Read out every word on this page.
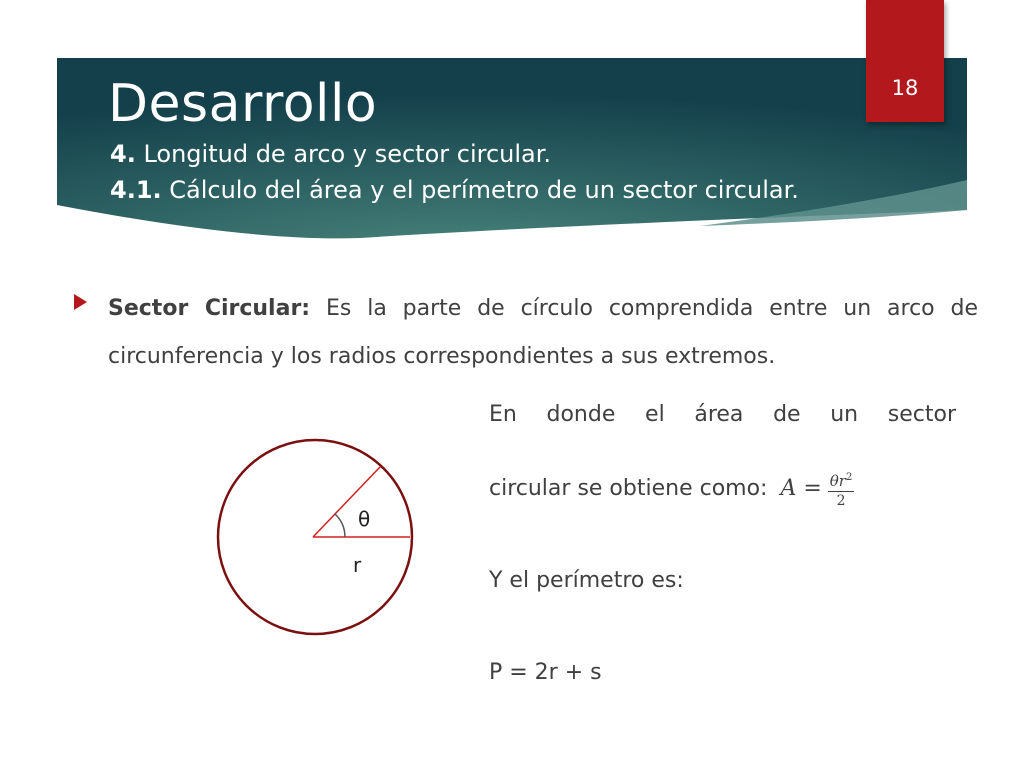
18
Desarrollo
4. Longitud de arco y sector circular.
4.1. Cálculo del área y el perímetro de un sector circular.
Sector Circular: Es la parte de círculo comprendida entre un arco de circunferencia y los radios correspondientes a sus extremos.
En donde el área de un sector
circular se obtiene como: $A = \frac{\theta r^2}{2}$
Y el perímetro es:
P = 2r + s
θ
r
